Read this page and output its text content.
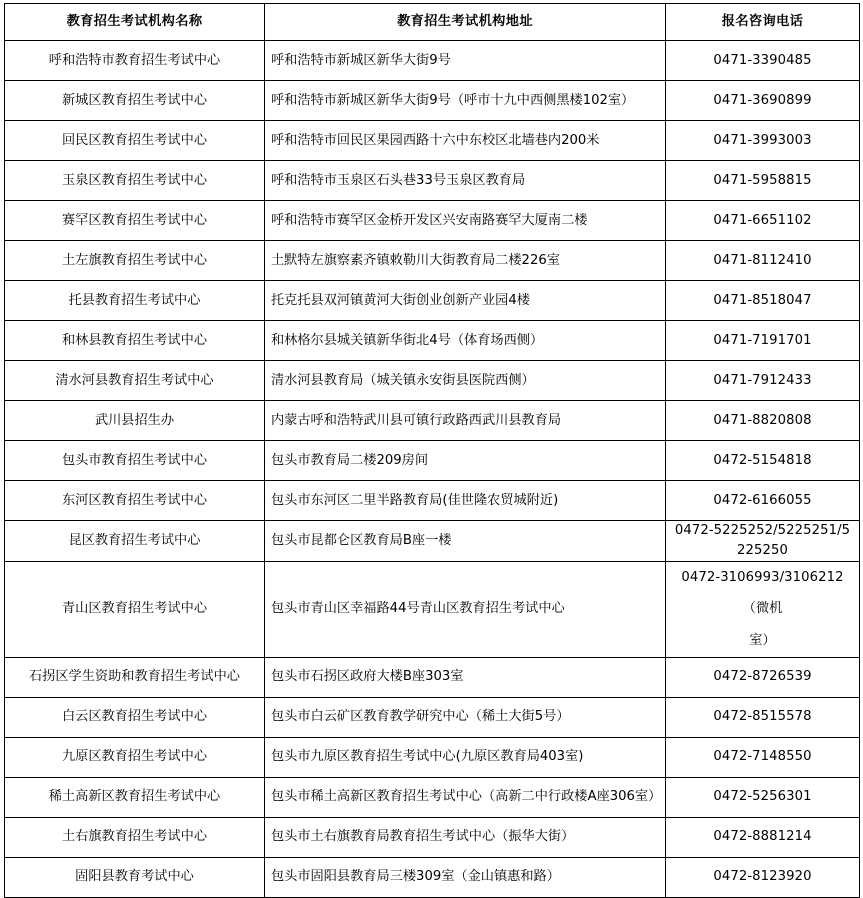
教育招生考试机构名称	教育招生考试机构地址	报名咨询电话
呼和浩特市教育招生考试中心	呼和浩特市新城区新华大街9号	0471-3390485
新城区教育招生考试中心	呼和浩特市新城区新华大街9号（呼市十九中西侧黑楼102室）	0471-3690899
回民区教育招生考试中心	呼和浩特市回民区果园西路十六中东校区北墙巷内200米	0471-3993003
玉泉区教育招生考试中心	呼和浩特市玉泉区石头巷33号玉泉区教育局	0471-5958815
赛罕区教育招生考试中心	呼和浩特市赛罕区金桥开发区兴安南路赛罕大厦南二楼	0471-6651102
土左旗教育招生考试中心	土默特左旗察素齐镇敕勒川大街教育局二楼226室	0471-8112410
托县教育招生考试中心	托克托县双河镇黄河大街创业创新产业园4楼	0471-8518047
和林县教育招生考试中心	和林格尔县城关镇新华街北4号（体育场西侧）	0471-7191701
清水河县教育招生考试中心	清水河县教育局（城关镇永安街县医院西侧）	0471-7912433
武川县招生办	内蒙古呼和浩特武川县可镇行政路西武川县教育局	0471-8820808
包头市教育招生考试中心	包头市教育局二楼209房间	0472-5154818
东河区教育招生考试中心	包头市东河区二里半路教育局(佳世隆农贸城附近)	0472-6166055
昆区教育招生考试中心	包头市昆都仑区教育局B座一楼	0472-5225252/5225251/5225250
青山区教育招生考试中心	包头市青山区幸福路44号青山区教育招生考试中心	0472-3106993/3106212（微机
室）

石拐区学生资助和教育招生考试中心	包头市石拐区政府大楼B座303室	0472-8726539
白云区教育招生考试中心	包头市白云矿区教育教学研究中心（稀土大街5号）	0472-8515578
九原区教育招生考试中心	包头市九原区教育招生考试中心(九原区教育局403室)	0472-7148550
稀土高新区教育招生考试中心	包头市稀土高新区教育招生考试中心（高新二中行政楼A座306室）	0472-5256301
土右旗教育招生考试中心	包头市土右旗教育局教育招生考试中心（振华大街）	0472-8881214
固阳县教育考试中心	包头市固阳县教育局三楼309室（金山镇惠和路）	0472-8123920
